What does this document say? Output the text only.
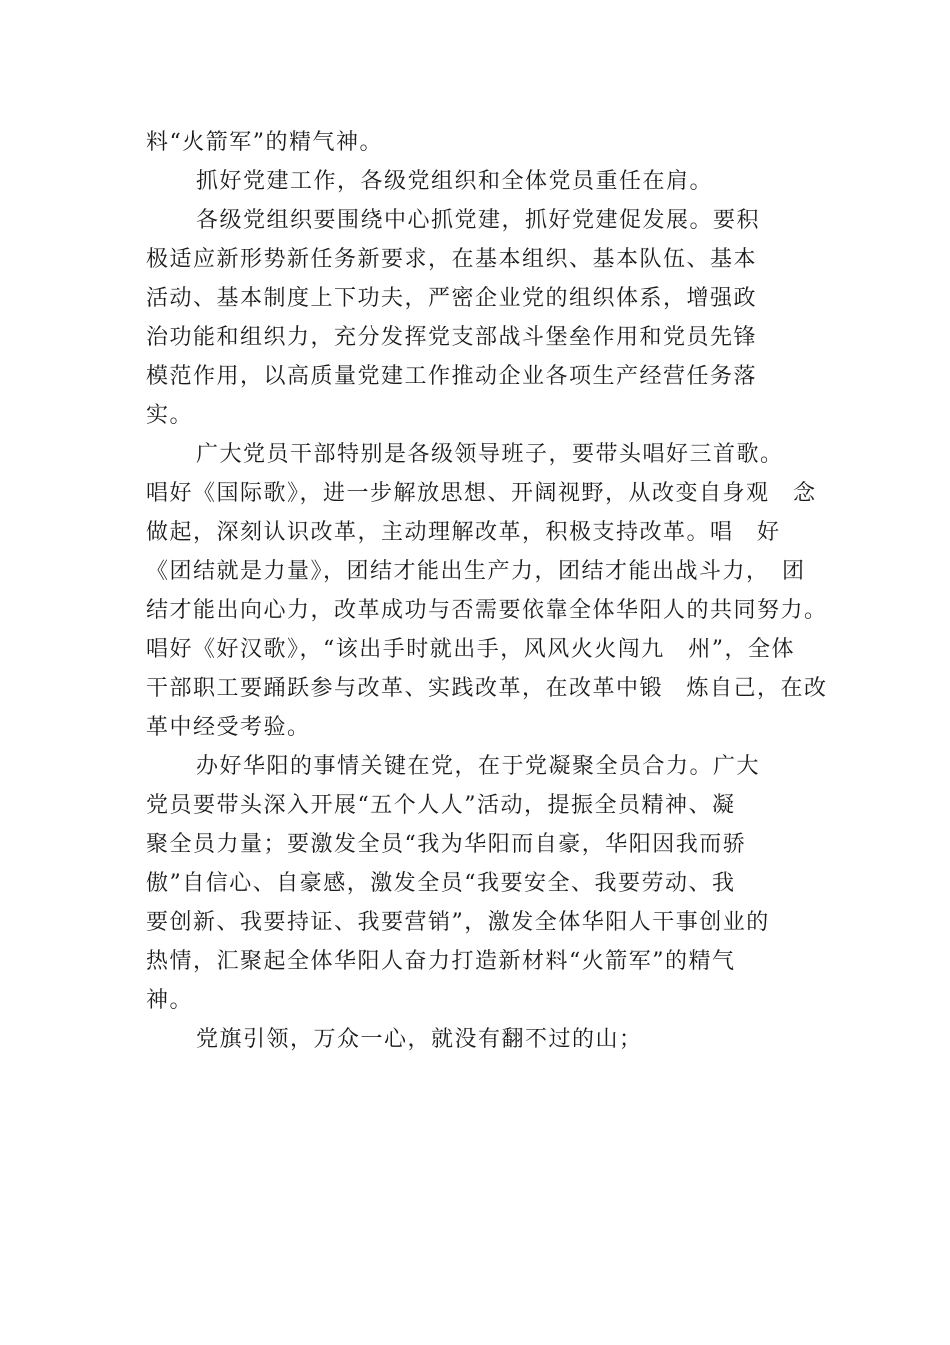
料“火箭军”的精气神。
抓好党建工作，各级党组织和全体党员重任在肩。
各级党组织要围绕中心抓党建，抓好党建促发展。要积
极适应新形势新任务新要求，在基本组织、基本队伍、基本
活动、基本制度上下功夫，严密企业党的组织体系，增强政
治功能和组织力，充分发挥党支部战斗堡垒作用和党员先锋
模范作用，以高质量党建工作推动企业各项生产经营任务落
实。
广大党员干部特别是各级领导班子，要带头唱好三首歌。
唱好《国际歌》，进一步解放思想、开阔视野，从改变自身观　念
做起，深刻认识改革，主动理解改革，积极支持改革。唱　好
《团结就是力量》，团结才能出生产力，团结才能出战斗力，　团
结才能出向心力，改革成功与否需要依靠全体华阳人的共同努力。
唱好《好汉歌》，“该出手时就出手，风风火火闯九　州”，全体
干部职工要踊跃参与改革、实践改革，在改革中锻　炼自己，在改
革中经受考验。
办好华阳的事情关键在党，在于党凝聚全员合力。广大
党员要带头深入开展“五个人人”活动，提振全员精神、凝
聚全员力量；要激发全员“我为华阳而自豪，华阳因我而骄
傲”自信心、自豪感，激发全员“我要安全、我要劳动、我
要创新、我要持证、我要营销”，激发全体华阳人干事创业的
热情，汇聚起全体华阳人奋力打造新材料“火箭军”的精气
神。
党旗引领，万众一心，就没有翻不过的山；
